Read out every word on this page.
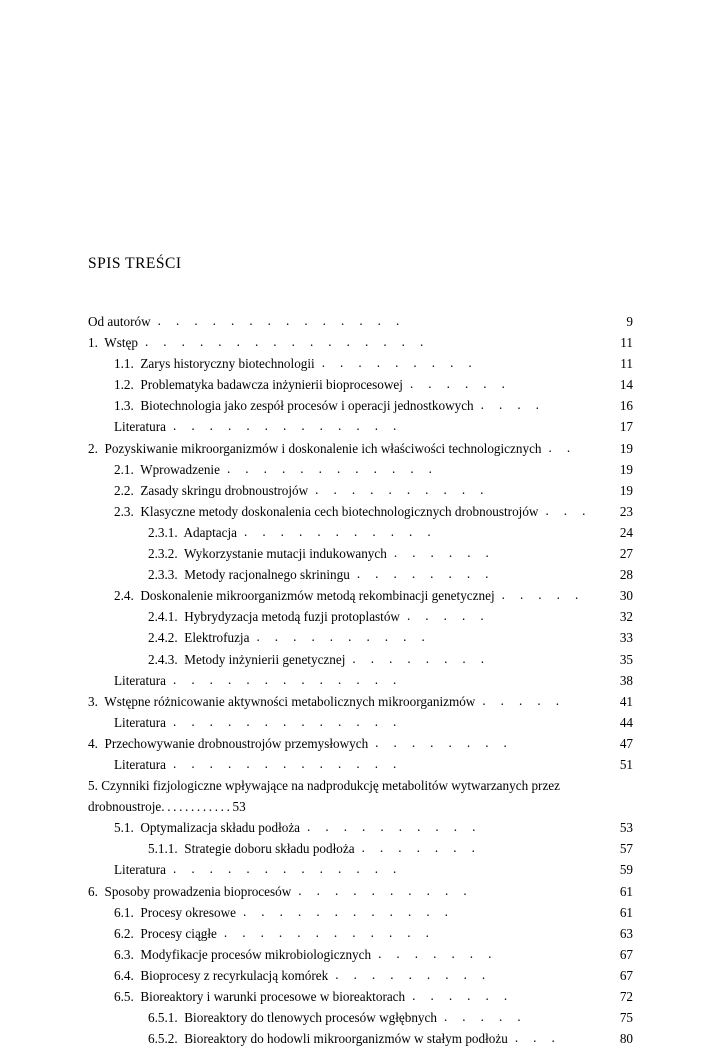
SPIS TREŚCI
Od autorów . . . . . . . . . . . . . . 	9
1.  Wstęp . . . . . . . . . . . . . . . . 	11
1.1.  Zarys historyczny biotechnologii . . . . . . . . . 	11
1.2.  Problematyka badawcza inżynierii bioprocesowej . . . . . . 	14
1.3.  Biotechnologia jako zespół procesów i operacji jednostkowych . . . . 	16
Literatura . . . . . . . . . . . . . 	17
2.  Pozyskiwanie mikroorganizmów i doskonalenie ich właściwości technologicznych . . 	19
2.1.  Wprowadzenie . . . . . . . . . . . . 	19
2.2.  Zasady skringu drobnoustrojów . . . . . . . . . . 	19
2.3.  Klasyczne metody doskonalenia cech biotechnologicznych drobnoustrojów . . . 	23
2.3.1.  Adaptacja . . . . . . . . . . . 	24
2.3.2.  Wykorzystanie mutacji indukowanych . . . . . . 	27
2.3.3.  Metody racjonalnego skriningu . . . . . . . . 	28
2.4.  Doskonalenie mikroorganizmów metodą rekombinacji genetycznej . . . . . 	30
2.4.1.  Hybrydyzacja metodą fuzji protoplastów . . . . . 	32
2.4.2.  Elektrofuzja . . . . . . . . . . 	33
2.4.3.  Metody inżynierii genetycznej . . . . . . . . 	35
Literatura . . . . . . . . . . . . . 	38
3.  Wstępne różnicowanie aktywności metabolicznych mikroorganizmów . . . . . 	41
Literatura . . . . . . . . . . . . . 	44
4.  Przechowywanie drobnoustrojów przemysłowych . . . . . . . . 	47
Literatura . . . . . . . . . . . . . 	51
5. Czynniki fizjologiczne wpływające na nadprodukcję metabolitów wytwarzanych przez
drobnoustroje . . . . . . . . . . . .  53
5.1.  Optymalizacja składu podłoża . . . . . . . . . . 	53
5.1.1.  Strategie doboru składu podłoża . . . . . . . 	57
Literatura . . . . . . . . . . . . . 	59
6.  Sposoby prowadzenia bioprocesów . . . . . . . . . . 	61
6.1.  Procesy okresowe . . . . . . . . . . . . 	61
6.2.  Procesy ciągłe . . . . . . . . . . . . 	63
6.3.  Modyfikacje procesów mikrobiologicznych . . . . . . . 	67
6.4.  Bioprocesy z recyrkulacją komórek . . . . . . . . . 	67
6.5.  Bioreaktory i warunki procesowe w bioreaktorach . . . . . . 	72
6.5.1.  Bioreaktory do tlenowych procesów wgłębnych . . . . . 	75
6.5.2.  Bioreaktory do hodowli mikroorganizmów w stałym podłożu . . . 	80
